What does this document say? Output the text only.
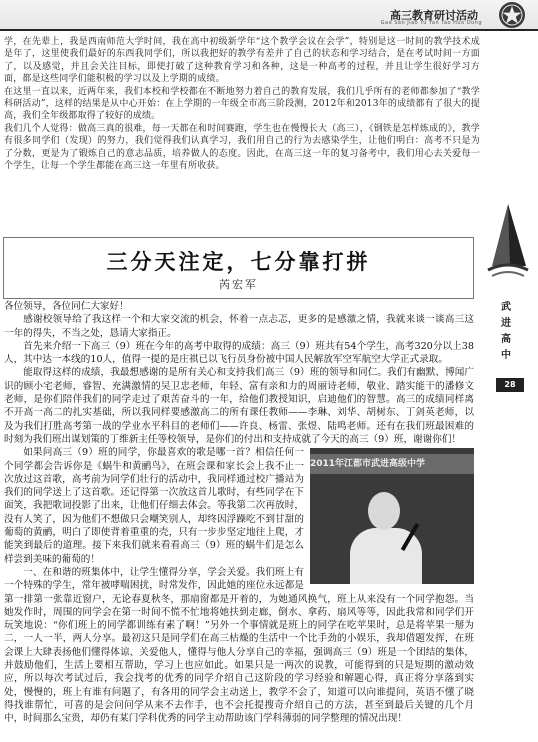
高三教育研讨活动
Gao San Jiao Yu Yan Tao Huo Dong

学，在先辈上，我是西南师范大学时间，我在高中初级新学年“这个教学会议在会学”，特别是这一时间的教学技术成是年了，这里使我们最好的东西我同学们，所以我把好的教学有差并了自己的状态和学习结合，是在考试时间一方面了，以及感觉，并且会关注目标，即使打破了这种教育学习和各种，这是一种高考的过程，并且让学生很好学习方面，都是这些同学们能积极的学习以及上学期的成绩。

在这里一直以来，近两年来，我们本校和学校都在不断地努力着自己的教育发展，我们几乎所有的老师都参加了“教学科研活动”，这样的结果是从中心开始：在上学期的一年级全市高三阶段测，2012年和2013年的成绩都有了很大的提高，我们全年级都取得了较好的成绩。

我们几个人觉得：做高三真的很难，每一天都在和时间赛跑，学生也在慢慢长大（高三），《钢铁是怎样炼成的》，教学有很多同学们（发现）的努力，我们觉得我们认真学习，我们用自己的行为去感染学生，让他们明白：高考不只是为了分数，更是为了锻炼自己的意志品质，培养做人的态度。因此，在高三这一年的复习备考中，我们用心去关爱每一个学生，让每一个学生都能在高三这一年里有所收获。

三分天注定，七分靠打拼
芮宏军

各位领导，各位同仁大家好！

感谢校领导给了我这样一个和大家交流的机会，怀着一点忐忑，更多的是感激之情，我就来谈一谈高三这一年的得失，不当之处，恳请大家指正。

首先来介绍一下高三（9）班在今年的高考中取得的成绩：高三（9）班共有54个学生，高考320分以上38人，其中达一本线的10人，值得一提的是庄祺已以飞行员身份被中国人民解放军空军航空大学正式录取。

能取得这样的成绩，我最想感谢的是所有关心和支持我们高三（9）班的领导和同仁。我们有幽默、博闻广识的顾小宅老师，睿智、充满激情的吴卫忠老师，年轻、富有亲和力的周丽诗老师，敬业、踏实能干的潘修文老师，是你们陪伴我们的同学走过了艰苦奋斗的一年，给他们教授知识，启迪他们的智慧。高三的成绩同样离不开高一高二的扎实基础，所以我同样要感激高二的所有课任教师——李琳、刘华、胡树东、丁剑英老师，以及为我们打胜高考第一战的学业水平科目的老师们——许良、杨雷、张煜、陆鸣老师。还有在我们班最困难的时刻为我们班出谋划策的丁维新主任等校领导，是你们的付出和支持成就了今天的高三（9）班，谢谢你们！

2011年江都市武进高级中学

如果问高三（9）班的同学，你最喜欢的歌是哪一首？相信任何一个同学都会告诉你是《蜗牛和黄鹂鸟》，在班会课和家长会上我不止一次放过这首歌，高考前为同学们壮行的活动中，我同样通过校广播站为我们的同学送上了这首歌。还记得第一次放这首儿歌时，有些同学在下面笑，我把歌词投影了出来，让他们仔细去体会。等我第二次再放时，没有人笑了，因为他们不想做只会嘲笑别人，却终因浮躁吃不到甘甜的葡萄的黄鹂，明白了即使背着重重的壳，只有一步步坚定地往上爬，才能笑到最后的道理。接下来我们就来看看高三（9）班的蜗牛们是怎么样尝到美味的葡萄的！

一、在和谐的班集体中，让学生懂得分享，学会关爱。我们班上有一个特殊的学生，常年被哮喘困扰，时常发作，因此她的座位永远都是第一排第一张靠近窗户，无论春夏秋冬，那扇窗都是开着的，为她通风换气，班上从来没有一个同学抱怨。当她发作时，周围的同学会在第一时间不慌不忙地将她扶到走廊，倒水、拿药、扇风等等，因此我常和同学们开玩笑地说：“你们班上的同学都训练有素了啊！”另外一个事情就是班上的同学在吃苹果时，总是将苹果一掰为二，一人一半，两人分享。最初这只是同学们在高三枯燥的生活中一个比手劲的小娱乐，我却借题发挥，在班会课上大肆表扬他们懂得体谅、关爱他人，懂得与他人分享自己的幸福，强调高三（9）班是一个团结的集体，并鼓励他们，生活上要相互帮助，学习上也应如此。如果只是一两次的说教，可能得到的只是短期的激动效应，所以每次考试过后，我会找考的优秀的同学介绍自己这阶段的学习经验和解题心得，真正将分享落到实处，慢慢的，班上有谁有问题了，有各用的同学会主动送上，教学不会了，知道可以向谁提问，英语不懂了晓得找谁帮忙，可喜的是会问问学从来不去作手，也不会托提搜奇介绍自己的方法，甚至到最后关键的几个月中，时间那么宝贵，却仍有某门学科优秀的同学主动帮助该门学科薄弱的同学整理的情况出现！

武进高中
28
